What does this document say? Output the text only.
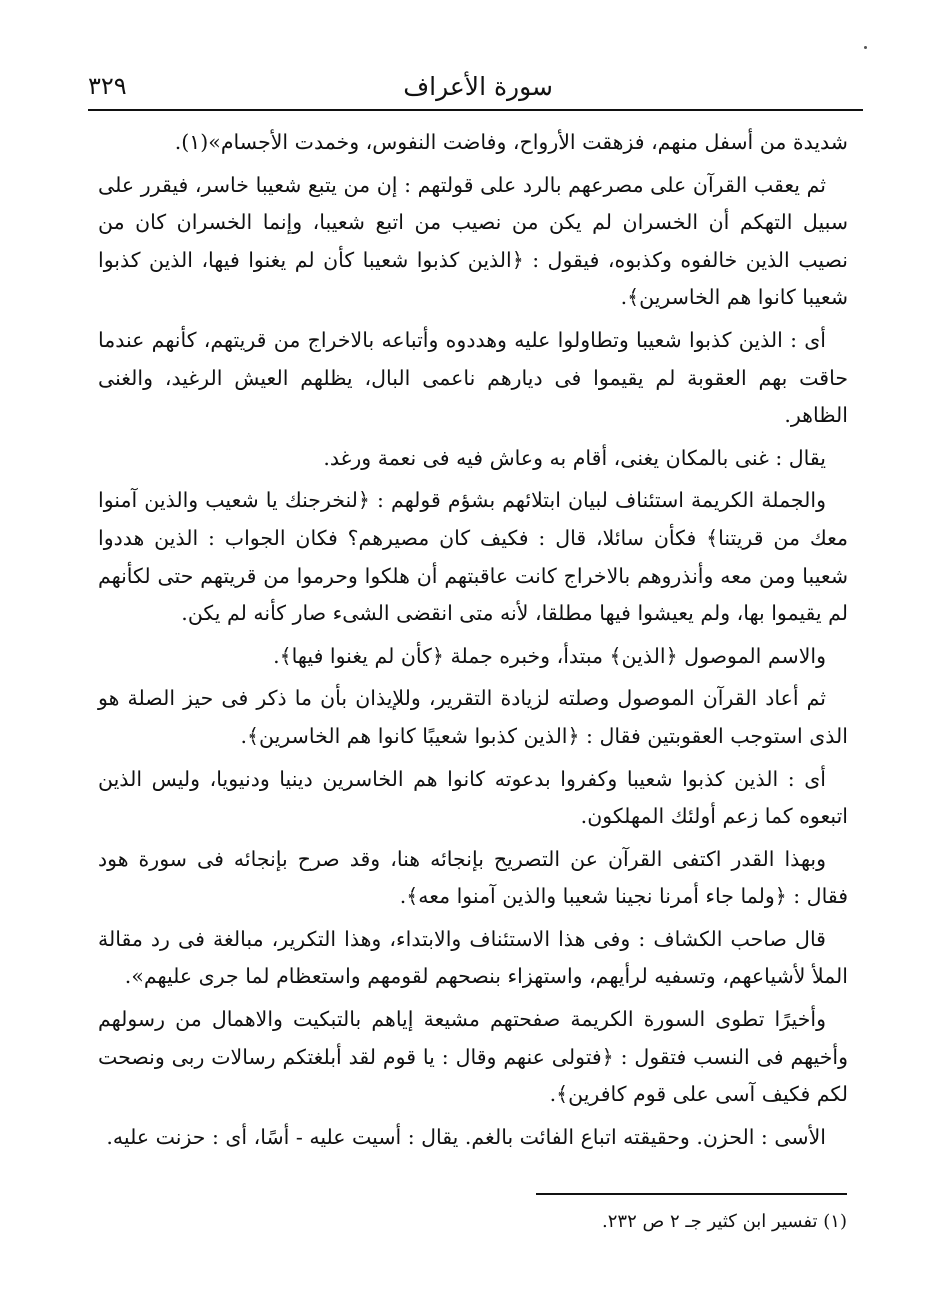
سورة الأعراف
٣٢٩

شديدة من أسفل منهم، فزهقت الأرواح، وفاضت النفوس، وخمدت الأجسام»(١).

ثم يعقب القرآن على مصرعهم بالرد على قولتهم : إن من يتبع شعيبا خاسر، فيقرر على سبيل التهكم أن الخسران لم يكن من نصيب من اتبع شعيبا، وإنما الخسران كان من نصيب الذين خالفوه وكذبوه، فيقول : ﴿الذين كذبوا شعيبا كأن لم يغنوا فيها، الذين كذبوا شعيبا كانوا هم الخاسرين﴾.

أى : الذين كذبوا شعيبا وتطاولوا عليه وهددوه وأتباعه بالاخراج من قريتهم، كأنهم عندما حاقت بهم العقوبة لم يقيموا فى ديارهم ناعمى البال، يظلهم العيش الرغيد، والغنى الظاهر.

يقال : غنى بالمكان يغنى، أقام به وعاش فيه فى نعمة ورغد.

والجملة الكريمة استئناف لبيان ابتلائهم بشؤم قولهم : ﴿لنخرجنك يا شعيب والذين آمنوا معك من قريتنا﴾ فكأن سائلا، قال : فكيف كان مصيرهم؟ فكان الجواب : الذين هددوا شعيبا ومن معه وأنذروهم بالاخراج كانت عاقبتهم أن هلكوا وحرموا من قريتهم حتى لكأنهم لم يقيموا بها، ولم يعيشوا فيها مطلقا، لأنه متى انقضى الشىء صار كأنه لم يكن.

والاسم الموصول ﴿الذين﴾ مبتدأ، وخبره جملة ﴿كأن لم يغنوا فيها﴾.

ثم أعاد القرآن الموصول وصلته لزيادة التقرير، وللإيذان بأن ما ذكر فى حيز الصلة هو الذى استوجب العقوبتين فقال : ﴿الذين كذبوا شعيبًا كانوا هم الخاسرين﴾.

أى : الذين كذبوا شعيبا وكفروا بدعوته كانوا هم الخاسرين دينيا ودنيويا، وليس الذين اتبعوه كما زعم أولئك المهلكون.

وبهذا القدر اكتفى القرآن عن التصريح بإنجائه هنا، وقد صرح بإنجائه فى سورة هود فقال : ﴿ولما جاء أمرنا نجينا شعيبا والذين آمنوا معه﴾.

قال صاحب الكشاف : وفى هذا الاستئناف والابتداء، وهذا التكرير، مبالغة فى رد مقالة الملأ لأشياعهم، وتسفيه لرأيهم، واستهزاء بنصحهم لقومهم واستعظام لما جرى عليهم».

وأخيرًا تطوى السورة الكريمة صفحتهم مشيعة إياهم بالتبكيت والاهمال من رسولهم وأخيهم فى النسب فتقول : ﴿فتولى عنهم وقال : يا قوم لقد أبلغتكم رسالات ربى ونصحت لكم فكيف آسى على قوم كافرين﴾.

الأسى : الحزن. وحقيقته اتباع الفائت بالغم. يقال : أسيت عليه - أسًا، أى : حزنت عليه.

(١) تفسير ابن كثير جـ ٢ ص ٢٣٢.
